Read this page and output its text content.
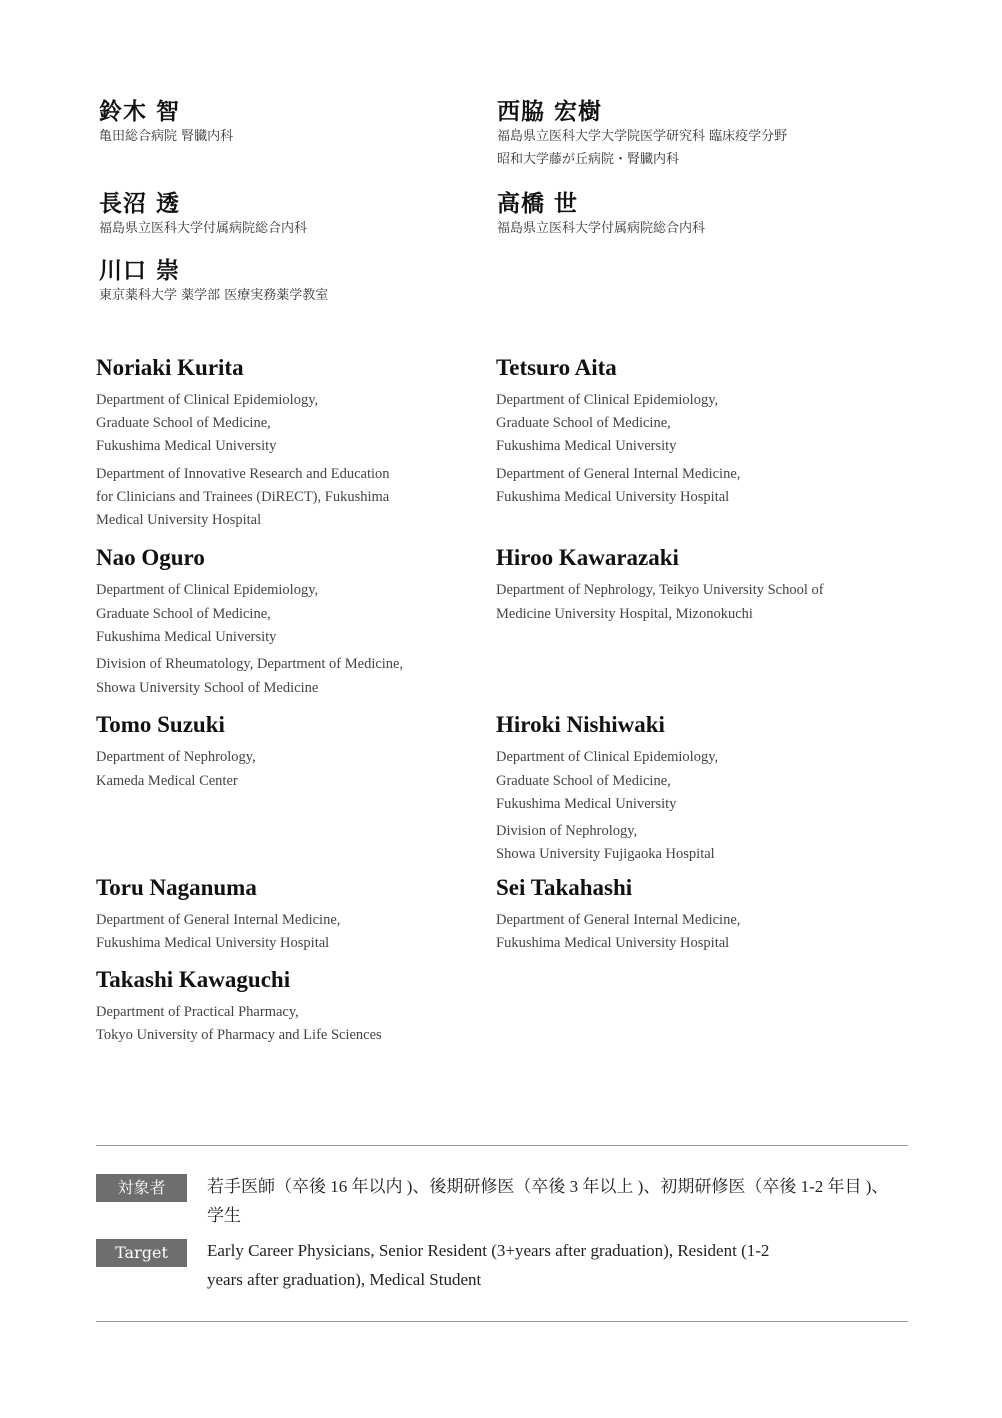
鈴木 智
亀田総合病院 腎臓内科
西脇 宏樹
福島県立医科大学大学院医学研究科 臨床疫学分野
昭和大学藤が丘病院・腎臓内科
長沼 透
福島県立医科大学付属病院総合内科
高橋 世
福島県立医科大学付属病院総合内科
川口 崇
東京薬科大学 薬学部 医療実務薬学教室
Noriaki Kurita
Department of Clinical Epidemiology,
Graduate School of Medicine,
Fukushima Medical University
Department of Innovative Research and Education
for Clinicians and Trainees (DiRECT), Fukushima
Medical University Hospital
Tetsuro Aita
Department of Clinical Epidemiology,
Graduate School of Medicine,
Fukushima Medical University
Department of General Internal Medicine,
Fukushima Medical University Hospital
Nao Oguro
Department of Clinical Epidemiology,
Graduate School of Medicine,
Fukushima Medical University
Division of Rheumatology, Department of Medicine,
Showa University School of Medicine
Hiroo Kawarazaki
Department of Nephrology, Teikyo University School of
Medicine University Hospital, Mizonokuchi
Tomo Suzuki
Department of Nephrology,
Kameda Medical Center
Hiroki Nishiwaki
Department of Clinical Epidemiology,
Graduate School of Medicine,
Fukushima Medical University
Division of Nephrology,
Showa University Fujigaoka Hospital
Toru Naganuma
Department of General Internal Medicine,
Fukushima Medical University Hospital
Sei Takahashi
Department of General Internal Medicine,
Fukushima Medical University Hospital
Takashi Kawaguchi
Department of Practical Pharmacy,
Tokyo University of Pharmacy and Life Sciences
対象者	若手医師（卒後 16 年以内 )、後期研修医（卒後 3 年以上 )、初期研修医（卒後 1-2 年目 )、
学生
Target	Early Career Physicians, Senior Resident (3+years after graduation), Resident (1-2
years after graduation), Medical Student
